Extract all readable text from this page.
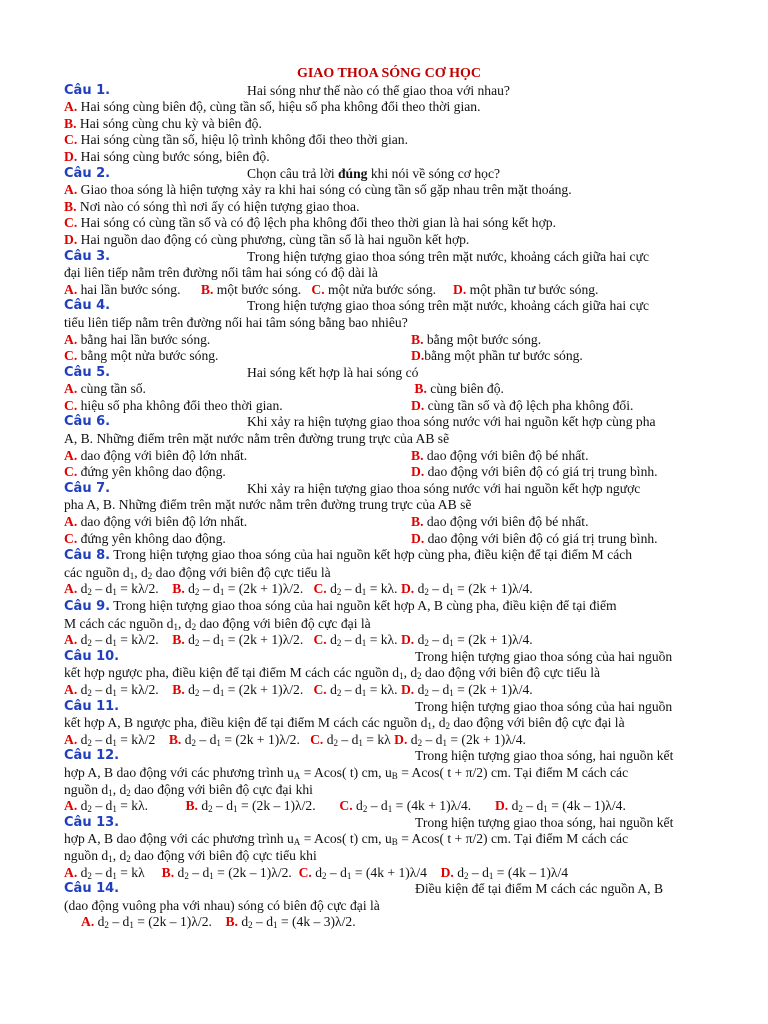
GIAO THOA SÓNG CƠ HỌC
Câu 1.	Hai sóng như thế nào có thể giao thoa với nhau?
A. Hai sóng cùng biên độ, cùng tần số, hiệu số pha không đổi theo thời gian.
B. Hai sóng cùng chu kỳ và biên độ.
C. Hai sóng cùng tần số, hiệu lộ trình không đổi theo thời gian.
D. Hai sóng cùng bước sóng, biên độ.
Câu 2.	Chọn câu trả lời đúng khi nói về sóng cơ học?
A. Giao thoa sóng là hiện tượng xảy ra khi hai sóng có cùng tần số gặp nhau trên mặt thoáng.
B. Nơi nào có sóng thì nơi ấy có hiện tượng giao thoa.
C. Hai sóng có cùng tần số và có độ lệch pha không đổi theo thời gian là hai sóng kết hợp.
D. Hai nguồn dao động có cùng phương, cùng tần số là hai nguồn kết hợp.
Câu 3.	Trong hiện tượng giao thoa sóng trên mặt nước, khoảng cách giữa hai cực
đại liên tiếp nằm trên đường nối tâm hai sóng có độ dài là
A. hai lần bước sóng. B. một bước sóng. C. một nửa bước sóng. D. một phần tư bước sóng.
Câu 4.	Trong hiện tượng giao thoa sóng trên mặt nước, khoảng cách giữa hai cực
tiểu liên tiếp nằm trên đường nối hai tâm sóng bằng bao nhiêu?
A. bằng hai lần bước sóng.	B. bằng một bước sóng.
C. bằng một nửa bước sóng.	D.bằng một phần tư bước sóng.
Câu 5.	Hai sóng kết hợp là hai sóng có
A. cùng tần số.	B. cùng biên độ.
C. hiệu số pha không đổi theo thời gian.	D. cùng tần số và độ lệch pha không đổi.
Câu 6.	Khi xảy ra hiện tượng giao thoa sóng nước với hai nguồn kết hợp cùng pha
A, B. Những điểm trên mặt nước nằm trên đường trung trực của AB sẽ
A. dao động với biên độ lớn nhất.	B. dao động với biên độ bé nhất.
C. đứng yên không dao động.	D. dao động với biên độ có giá trị trung bình.
Câu 7.	Khi xảy ra hiện tượng giao thoa sóng nước với hai nguồn kết hợp ngược
pha A, B. Những điểm trên mặt nước nằm trên đường trung trực của AB sẽ
A. dao động với biên độ lớn nhất.	B. dao động với biên độ bé nhất.
C. đứng yên không dao động.	D. dao động với biên độ có giá trị trung bình.
Câu 8. Trong hiện tượng giao thoa sóng của hai nguồn kết hợp cùng pha, điều kiện để tại điểm M cách
các nguồn $d_1$, $d_2$ dao động với biên độ cực tiểu là
A. $d_2 - d_1 = k\lambda/2$. B. $d_2 - d_1 = (2k + 1)\lambda/2$. C. $d_2 - d_1 = k\lambda$. D. $d_2 - d_1 = (2k + 1)\lambda/4$.
Câu 9. Trong hiện tượng giao thoa sóng của hai nguồn kết hợp A, B cùng pha, điều kiện để tại điểm
M cách các nguồn $d_1$, $d_2$ dao động với biên độ cực đại là
A. $d_2 - d_1 = k\lambda/2$. B. $d_2 - d_1 = (2k + 1)\lambda/2$. C. $d_2 - d_1 = k\lambda$. D. $d_2 - d_1 = (2k + 1)\lambda/4$.
Câu 10.	Trong hiện tượng giao thoa sóng của hai nguồn
kết hợp ngược pha, điều kiện để tại điểm M cách các nguồn $d_1$, $d_2$ dao động với biên độ cực tiểu là
A. $d_2 - d_1 = k\lambda/2$. B. $d_2 - d_1 = (2k + 1)\lambda/2$. C. $d_2 - d_1 = k\lambda$. D. $d_2 - d_1 = (2k + 1)\lambda/4$.
Câu 11.	Trong hiện tượng giao thoa sóng của hai nguồn
kết hợp A, B ngược pha, điều kiện để tại điểm M cách các nguồn $d_1$, $d_2$ dao động với biên độ cực đại là
A. $d_2 - d_1 = k\lambda/2$ B. $d_2 - d_1 = (2k + 1)\lambda/2$. C. $d_2 - d_1 = k\lambda$ D. $d_2 - d_1 = (2k + 1)\lambda/4$.
Câu 12.	Trong hiện tượng giao thoa sóng, hai nguồn kết
hợp A, B dao động với các phương trình $u_A = Acos$( t) cm, $u_B = Acos$( t + π/2) cm. Tại điểm M cách các
nguồn $d_1$, $d_2$ dao động với biên độ cực đại khi
A. $d_2 - d_1 = k\lambda$.	B. $d_2 - d_1 = (2k - 1)\lambda/2$. C. $d_2 - d_1 = (4k + 1)\lambda/4$. D. $d_2 - d_1 = (4k - 1)\lambda/4$.
Câu 13.	Trong hiện tượng giao thoa sóng, hai nguồn kết
hợp A, B dao động với các phương trình $u_A = Acos$( t) cm, $u_B = Acos$( t + π/2) cm. Tại điểm M cách các
nguồn $d_1$, $d_2$ dao động với biên độ cực tiểu khi
A. $d_2 - d_1 = k\lambda$ B. $d_2 - d_1 = (2k - 1)\lambda/2$. C. $d_2 - d_1 = (4k + 1)\lambda/4$ D. $d_2 - d_1 = (4k - 1)\lambda/4$
Câu 14.	Điều kiện để tại điểm M cách các nguồn A, B
(dao động vuông pha với nhau) sóng có biên độ cực đại là
A. $d_2 - d_1 = (2k - 1)\lambda/2$. B. $d_2 - d_1 = (4k - 3)\lambda/2$.
